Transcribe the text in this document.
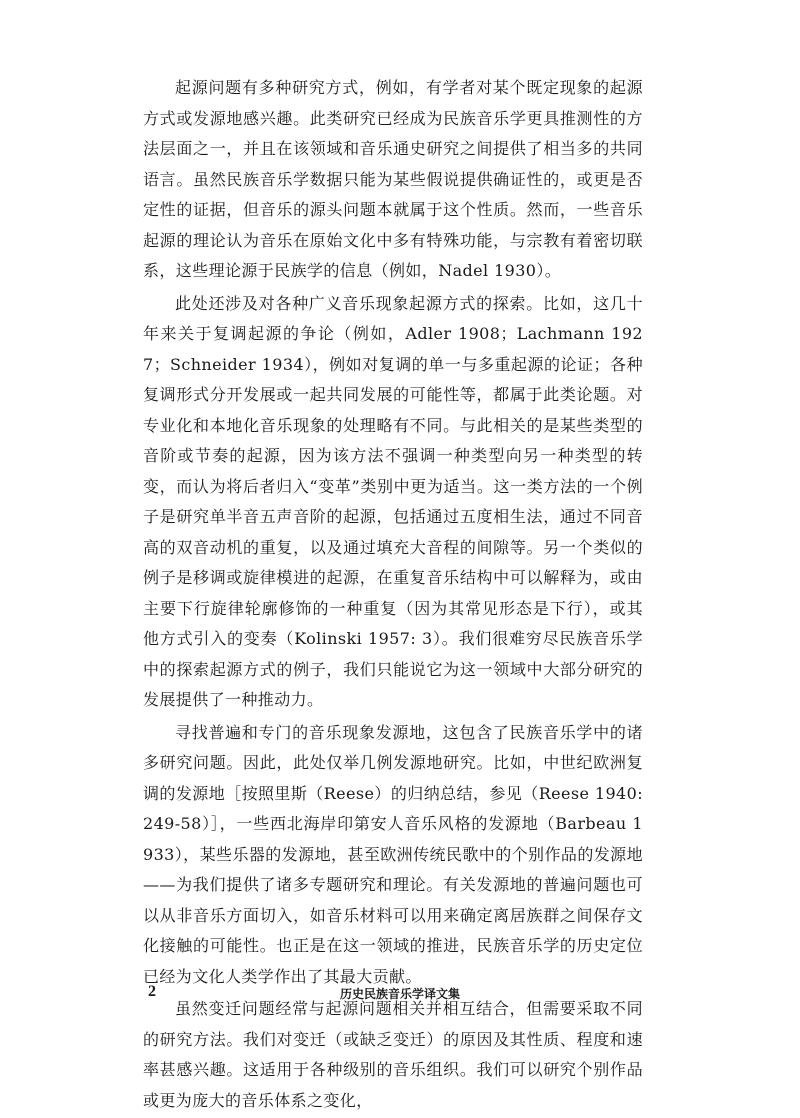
起源问题有多种研究方式，例如，有学者对某个既定现象的起源方式或发源地感兴趣。此类研究已经成为民族音乐学更具推测性的方法层面之一，并且在该领域和音乐通史研究之间提供了相当多的共同语言。虽然民族音乐学数据只能为某些假说提供确证性的，或更是否定性的证据，但音乐的源头问题本就属于这个性质。然而，一些音乐起源的理论认为音乐在原始文化中多有特殊功能，与宗教有着密切联系，这些理论源于民族学的信息（例如，Nadel 1930）。

此处还涉及对各种广义音乐现象起源方式的探索。比如，这几十年来关于复调起源的争论（例如，Adler 1908；Lachmann 1927；Schneider 1934），例如对复调的单一与多重起源的论证；各种复调形式分开发展或一起共同发展的可能性等，都属于此类论题。对专业化和本地化音乐现象的处理略有不同。与此相关的是某些类型的音阶或节奏的起源，因为该方法不强调一种类型向另一种类型的转变，而认为将后者归入“变革”类别中更为适当。这一类方法的一个例子是研究单半音五声音阶的起源，包括通过五度相生法，通过不同音高的双音动机的重复，以及通过填充大音程的间隙等。另一个类似的例子是移调或旋律模进的起源，在重复音乐结构中可以解释为，或由主要下行旋律轮廓修饰的一种重复（因为其常见形态是下行），或其他方式引入的变奏（Kolinski 1957: 3）。我们很难穷尽民族音乐学中的探索起源方式的例子，我们只能说它为这一领域中大部分研究的发展提供了一种推动力。

寻找普遍和专门的音乐现象发源地，这包含了民族音乐学中的诸多研究问题。因此，此处仅举几例发源地研究。比如，中世纪欧洲复调的发源地［按照里斯（Reese）的归纳总结，参见（Reese 1940: 249-58）］，一些西北海岸印第安人音乐风格的发源地（Barbeau 1933），某些乐器的发源地，甚至欧洲传统民歌中的个别作品的发源地——为我们提供了诸多专题研究和理论。有关发源地的普遍问题也可以从非音乐方面切入，如音乐材料可以用来确定离居族群之间保存文化接触的可能性。也正是在这一领域的推进，民族音乐学的历史定位已经为文化人类学作出了其最大贡献。

虽然变迁问题经常与起源问题相关并相互结合，但需要采取不同的研究方法。我们对变迁（或缺乏变迁）的原因及其性质、程度和速率甚感兴趣。这适用于各种级别的音乐组织。我们可以研究个别作品或更为庞大的音乐体系之变化，

2	历史民族音乐学译文集
